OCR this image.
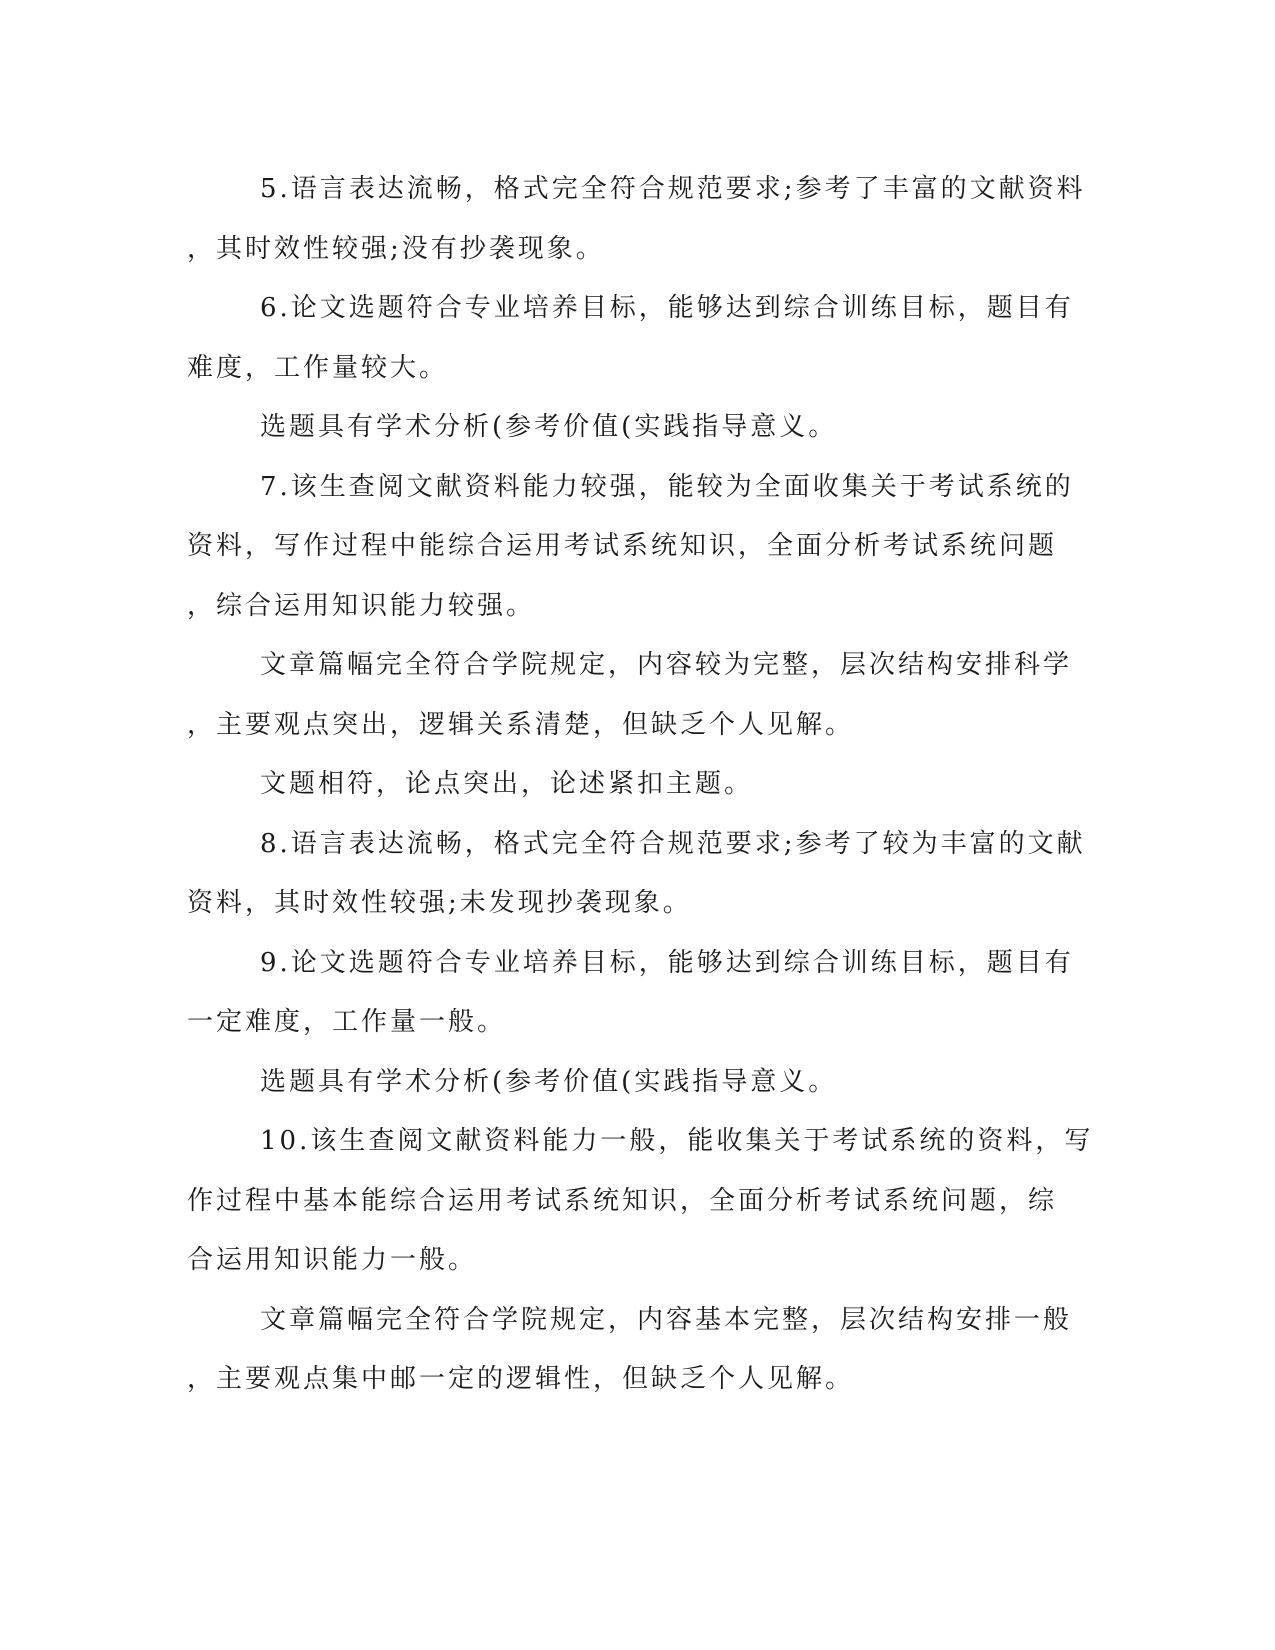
5.语言表达流畅，格式完全符合规范要求;参考了丰富的文献资料
，其时效性较强;没有抄袭现象。

6.论文选题符合专业培养目标，能够达到综合训练目标，题目有
难度，工作量较大。

选题具有学术分析(参考价值(实践指导意义。

7.该生查阅文献资料能力较强，能较为全面收集关于考试系统的
资料，写作过程中能综合运用考试系统知识，全面分析考试系统问题
，综合运用知识能力较强。

文章篇幅完全符合学院规定，内容较为完整，层次结构安排科学
，主要观点突出，逻辑关系清楚，但缺乏个人见解。

文题相符，论点突出，论述紧扣主题。

8.语言表达流畅，格式完全符合规范要求;参考了较为丰富的文献
资料，其时效性较强;未发现抄袭现象。

9.论文选题符合专业培养目标，能够达到综合训练目标，题目有
一定难度，工作量一般。

选题具有学术分析(参考价值(实践指导意义。

10.该生查阅文献资料能力一般，能收集关于考试系统的资料，写
作过程中基本能综合运用考试系统知识，全面分析考试系统问题，综
合运用知识能力一般。

文章篇幅完全符合学院规定，内容基本完整，层次结构安排一般
，主要观点集中邮一定的逻辑性，但缺乏个人见解。
